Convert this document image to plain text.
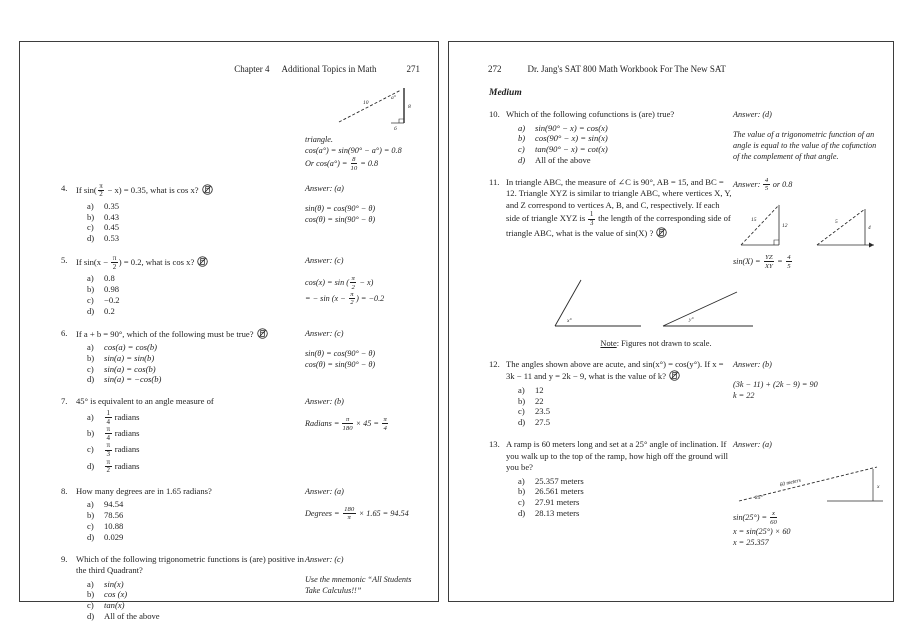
Chapter 4 Additional Topics in Math	271
10
8
a°
6
triangle.
cos(a°) = sin(90° − a°) = 0.8
Or $\cos(a^\circ) = \frac{8}{10} = 0.8$
4. If $\sin( \frac{\pi}{2} - x) = 0.35$, what is cos x?
a)	0.35
b)	0.43
c)	0.45
d)	0.53
Answer: (a)
sin(θ) = cos(90° − θ)
cos(θ) = sin(90° − θ)
5. If $\sin(x - \frac{\pi}{2}$ ) = 0.2, what is cos x?
a)	0.8
b)	0.98
c)	−0.2
d)	0.2
Answer: (c)
cos(x) = sin ( $\frac{\pi}{2} - x$)
= − $\sin (x - \frac{\pi}{2}$ ) = −0.2
6. If a + b = 90°, which of the following must be true?
a)	cos(a) = cos(b)
b)	sin(a) = sin(b)
c)	sin(a) = cos(b)
d)	sin(a) = −cos(b)
Answer: (c)
sin(θ) = cos(90° − θ)
cos(θ) = sin(90° − θ)
7. 45° is equivalent to an angle measure of
a)	$\frac{1}{4}$ radians
b)	$\frac{\pi}{4}$ radians
c)	$\frac{\pi}{3}$ radians
d)	$\frac{\pi}{2}$ radians
Answer: (b)
Radians = $\frac{\pi}{180} \times 45 = \frac{\pi}{4}$
8. How many degrees are in 1.65 radians?
a)	94.54
b)	78.56
c)	10.88
d)	0.029
Answer: (a)
Degrees = $\frac{180}{\pi} \times 1.65 = 94.54$
9. Which of the following trigonometric functions is (are) positive in the third Quadrant?
a)	sin(x)
b)	cos (x)
c)	tan(x)
d)	All of the above
Answer: (c)
Use the mnemonic “All Students
Take Calculus!!”
272	Dr. Jang's SAT 800 Math Workbook For The New SAT
Medium
10. Which of the following cofunctions is (are) true?
a)	sin(90° − x) = cos(x)
b)	cos(90° − x) = sin(x)
c)	tan(90° − x) = cot(x)
d)	All of the above
Answer: (d)
The value of a trigonometric function of an angle is equal to the value of the cofunction of the complement of that angle.
11. In triangle ABC, the measure of ∠C is 90°, AB = 15, and BC = 12. Triangle XYZ is similar to triangle ABC, where vertices X, Y, and Z correspond to vertices A, B, and C, respectively. If each side of triangle XYZ is $\frac{1}{3}$ the length of the corresponding side of triangle ABC, what is the value of sin(X) ?
Answer: $\frac{4}{5}$ or 0.8
15
12
5
4
$\sin(X) = \frac{YZ}{XY} = \frac{4}{5}$
x°	y°
Note: Figures not drawn to scale.
12. The angles shown above are acute, and sin(x°) = cos(y°). If x = 3k − 11 and y = 2k − 9, what is the value of k?
a)	12
b)	22
c)	23.5
d)	27.5
Answer: (b)
(3k − 11) + (2k − 9) = 90
k = 22
13. A ramp is 60 meters long and set at a 25° angle of inclination. If you walk up to the top of the ramp, how high off the ground will you be?
a)	25.357 meters
b)	26.561 meters
c)	27.91 meters
d)	28.13 meters
Answer: (a)
60 meters
25°
x
$\sin(25^\circ) = \frac{x}{60}$
x = sin(25°) × 60
x = 25.357
